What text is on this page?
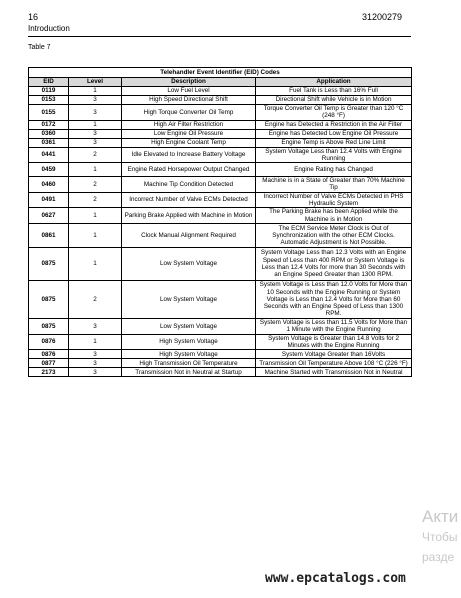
16
Introduction
31200279
Table 7
Telehandler Event Identifier (EID) Codes			
EID	Level	Description	Application
0119	1	Low Fuel Level	Fuel Tank is Less than 16% Full
0153	3	High Speed Directional Shift	Directional Shift while Vehicle is in Motion
0155	3	High Torque Converter Oil Temp	Torque Converter Oil Temp is Greater than 120 °C (248 °F)
0172	1	High Air Filter Restriction	Engine has Detected a Restriction in the Air Filter
0360	3	Low Engine Oil Pressure	Engine has Detected Low Engine Oil Pressure
0361	3	High Engine Coolant Temp	Engine Temp is Above Red Line Limit
0441	2	Idle Elevated to Increase Battery Voltage	System Voltage Less than 12.4 Volts with Engine Running
0459	1	Engine Rated Horsepower Output Changed	Engine Rating has Changed
0460	2	Machine Tip Condition Detected	Machine is in a State of Greater than 70% Machine Tip
0491	2	Incorrect Number of Valve ECMs Detected	Incorrect Number of Valve ECMs Detected in PHS Hydraulic System
0627	1	Parking Brake Applied with Machine in Motion	The Parking Brake has been Applied while the Machine is in Motion
0861	1	Clock Manual Alignment Required	The ECM Service Meter Clock is Out of Synchronization with the other ECM Clocks. Automatic Adjustment is Not Possible.
0875	1	Low System Voltage	System Voltage Less than 12.3 Volts with an Engine Speed of Less than 400 RPM or System Voltage is Less than 12.4 Volts for more than 30 Seconds with an Engine Speed Greater than 1300 RPM.
0875	2	Low System Voltage	System Voltage is Less than 12.0 Volts for More than 10 Seconds with the Engine Running or System Voltage is Less than 12.4 Volts for More than 60 Seconds with an Engine Speed of Less than 1300 RPM.
0875	3	Low System Voltage	System Voltage is Less than 11.5 Volts for More than 1 Minute with the Engine Running
0876	1	High System Voltage	System Voltage is Greater than 14.8 Volts for 2 Minutes with the Engine Running
0876	3	High System Voltage	System Voltage Greater than 16Volts
0877	3	High Transmission Oil Temperature	Transmission Oil Temperature Above 108 °C (226 °F)
2173	3	Transmission Not in Neutral at Startup	Machine Started with Transmission Not in Neutral
Акти
Чтобы
разде
www.epcatalogs.com
